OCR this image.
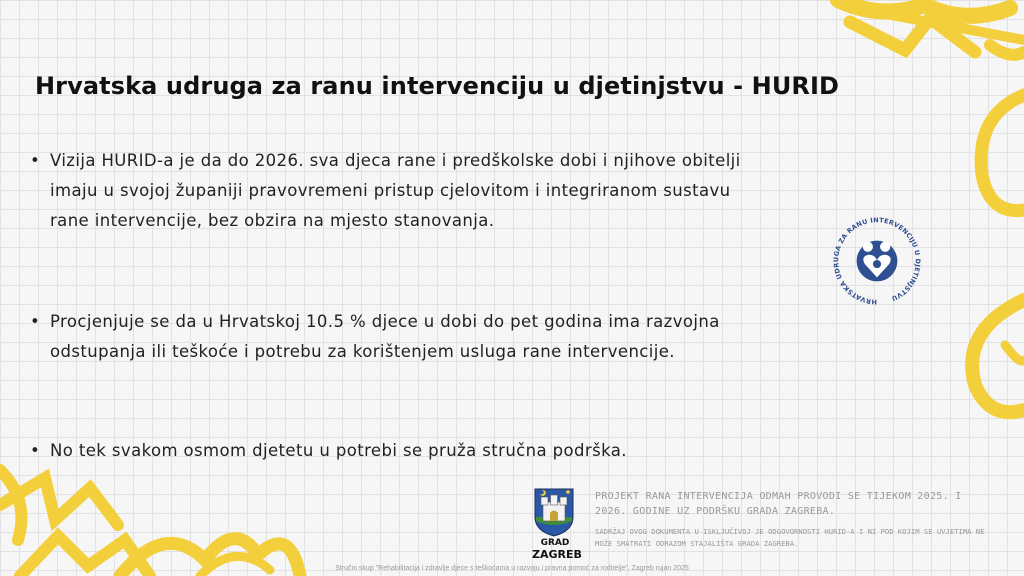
Hrvatska udruga za ranu intervenciju u djetinjstvu - HURID
• Vizija HURID-a je da do 2026. sva djeca rane i predškolske dobi i njihove obitelji imaju u svojoj županiji pravovremeni pristup cjelovitom i integriranom sustavu rane intervencije, bez obzira na mjesto stanovanja.
• Procjenjuje se da u Hrvatskoj 10.5 % djece u dobi do pet godina ima razvojna odstupanja ili teškoće i potrebu za korištenjem usluga rane intervencije.
• No tek svakom osmom djetetu u potrebi se pruža stručna podrška.
HRVATSKA UDRUGA ZA RANU INTERVENCIJU U DJETINJSTVU
GRAD
ZAGREB
PROJEKT RANA INTERVENCIJA ODMAH PROVODI SE TIJEKOM 2025. I 2026. GODINE UZ PODRŠKU GRADA ZAGREBA.
SADRŽAJ OVOG DOKUMENTA U ISKLJUČIVOJ JE ODGOVORNOSTI HURID-A I NI POD KOJIM SE UVJETIMA NE MOŽE SMATRATI ODRAZOM STAJALIŠTA GRADA ZAGREBA.
Stručni skup "Rehabilitacija i zdravlje djece s teškoćama u razvoju i pravna pomoć za roditelje", Zagreb rujan 2025
